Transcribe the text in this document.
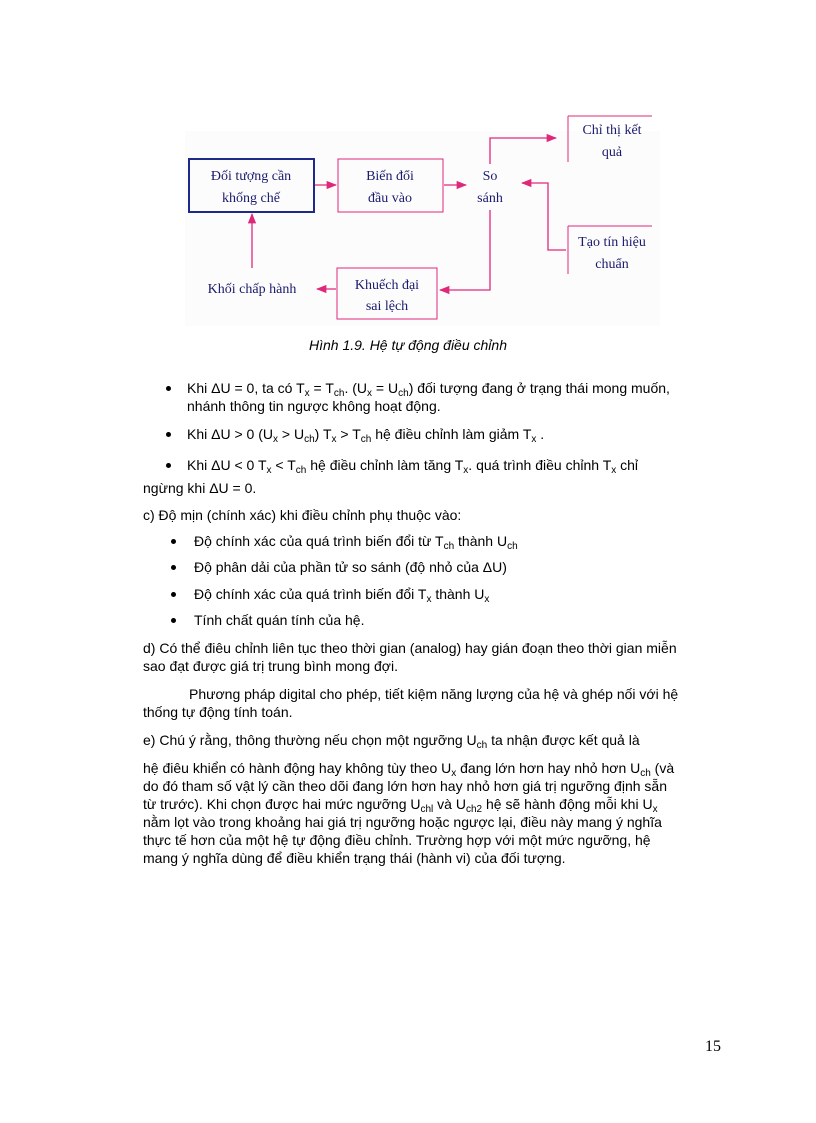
Đối tượng cần
khống chế
Biến đổi
đầu vào
So
sánh
Chỉ thị kết
quả
Tạo tín hiệu
chuẩn
Khuếch đại
sai lệch
Khối chấp hành
Hình 1.9. Hệ tự động điều chỉnh
Khi ΔU = 0, ta có $T_x = T_{ch}$. $(U_x = U_{ch})$ đối tượng đang ở trạng thái mong muốn,
nhánh thông tin ngược không hoạt động.
Khi ΔU > 0 $(U_x > U_{ch}) T_x > T_{ch}$ hệ điều chỉnh làm giảm $T_x$ .
Khi ΔU < 0 $T_x < T_{ch}$ hệ điều chỉnh làm tăng $T_x$. quá trình điều chỉnh $T_x$ chỉ
ngừng khi ΔU = 0.
c) Độ mịn (chính xác) khi điều chỉnh phụ thuộc vào:
Độ chính xác của quá trình biến đổi từ $T_{ch}$ thành $U_{ch}$
Độ phân dải của phần tử so sánh (độ nhỏ của ΔU)
Độ chính xác của quá trình biến đổi $T_x$ thành $U_x$
Tính chất quán tính của hệ.
d) Có thể điêu chỉnh liên tục theo thời gian (analog) hay gián đoạn theo thời gian miễn
sao đạt được giá trị trung bình mong đợi.
Phương pháp digital cho phép, tiết kiệm năng lượng của hệ và ghép nối với hệ
thống tự động tính toán.
e) Chú ý rằng, thông thường nếu chọn một ngưỡng $U_{ch}$ ta nhận được kết quả là
hệ điêu khiển có hành động hay không tùy theo $U_x$ đang lớn hơn hay nhỏ hơn $U_{ch}$ (và
do đó tham số vật lý cần theo dõi đang lớn hơn hay nhỏ hơn giá trị ngưỡng định sẵn
từ trước). Khi chọn được hai mức ngưỡng $U_{chl}$ và $U_{ch2}$ hệ sẽ hành động mỗi khi $U_x$
nằm lọt vào trong khoảng hai giá trị ngưỡng hoặc ngược lại, điều này mang ý nghĩa
thực tế hơn của một hệ tự động điều chỉnh. Trường hợp với một mức ngưỡng, hệ
mang ý nghĩa dùng để điều khiển trạng thái (hành vi) của đối tượng.
15
